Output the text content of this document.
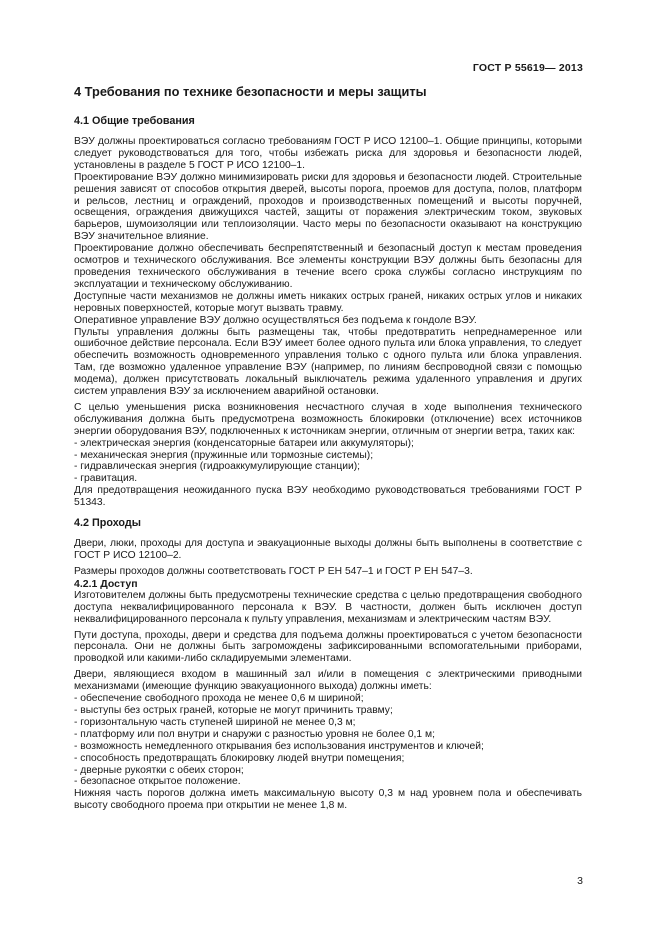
ГОСТ Р 55619— 2013
4 Требования по технике безопасности и меры защиты
4.1 Общие требования

ВЭУ должны проектироваться согласно требованиям ГОСТ Р ИСО 12100–1. Общие принципы, которыми следует руководствоваться для того, чтобы избежать риска для здоровья и безопасности людей, установлены в разделе 5 ГОСТ Р ИСО 12100–1.

Проектирование ВЭУ должно минимизировать риски для здоровья и безопасности людей. Строительные решения зависят от способов открытия дверей, высоты порога, проемов для доступа, полов, платформ и рельсов, лестниц и ограждений, проходов и производственных помещений и высоты поручней, освещения, ограждения движущихся частей, защиты от поражения электрическим током, звуковых барьеров, шумоизоляции или теплоизоляции. Часто меры по безопасности оказывают на конструкцию ВЭУ значительное влияние.

Проектирование должно обеспечивать беспрепятственный и безопасный доступ к местам проведения осмотров и технического обслуживания. Все элементы конструкции ВЭУ должны быть безопасны для проведения технического обслуживания в течение всего срока службы согласно инструкциям по эксплуатации и техническому обслуживанию.

Доступные части механизмов не должны иметь никаких острых граней, никаких острых углов и никаких неровных поверхностей, которые могут вызвать травму.

Оперативное управление ВЭУ должно осуществляться без подъема к гондоле ВЭУ.

Пульты управления должны быть размещены так, чтобы предотвратить непреднамеренное или ошибочное действие персонала. Если ВЭУ имеет более одного пульта или блока управления, то следует обеспечить возможность одновременного управления только с одного пульта или блока управления. Там, где возможно удаленное управление ВЭУ (например, по линиям беспроводной связи с помощью модема), должен присутствовать локальный выключатель режима удаленного управления и других систем управления ВЭУ за исключением аварийной остановки.

С целью уменьшения риска возникновения несчастного случая в ходе выполнения технического обслуживания должна быть предусмотрена возможность блокировки (отключение) всех источников энергии оборудования ВЭУ, подключенных к источникам энергии, отличным от энергии ветра, таких как:

- электрическая энергия (конденсаторные батареи или аккумуляторы);

- механическая энергия (пружинные или тормозные системы);

- гидравлическая энергия (гидроаккумулирующие станции);

- гравитация.

Для предотвращения неожиданного пуска ВЭУ необходимо руководствоваться требованиями ГОСТ Р 51343.

4.2 Проходы

Двери, люки, проходы для доступа и эвакуационные выходы должны быть выполнены в соответствие с ГОСТ Р ИСО 12100–2.

Размеры проходов должны соответствовать ГОСТ Р ЕН 547–1 и ГОСТ Р ЕН 547–3.

4.2.1 Доступ

Изготовителем должны быть предусмотрены технические средства с целью предотвращения свободного доступа неквалифицированного персонала к ВЭУ. В частности, должен быть исключен доступ неквалифицированного персонала к пульту управления, механизмам и электрическим частям ВЭУ.

Пути доступа, проходы, двери и средства для подъема должны проектироваться с учетом безопасности персонала. Они не должны быть загромождены зафиксированными вспомогательными приборами, проводкой или какими-либо складируемыми элементами.

Двери, являющиеся входом в машинный зал и/или в помещения с электрическими приводными механизмами (имеющие функцию эвакуационного выхода) должны иметь:

- обеспечение свободного прохода не менее 0,6 м шириной;

- выступы без острых граней, которые не могут причинить травму;

- горизонтальную часть ступеней шириной не менее 0,3 м;

- платформу или пол внутри и снаружи с разностью уровня не более 0,1 м;

- возможность немедленного открывания без использования инструментов и ключей;

- способность предотвращать блокировку людей внутри помещения;

- дверные рукоятки с обеих сторон;

- безопасное открытое положение.

Нижняя часть порогов должна иметь максимальную высоту 0,3 м над уровнем пола и обеспечивать высоту свободного проема при открытии не менее 1,8 м.

3
